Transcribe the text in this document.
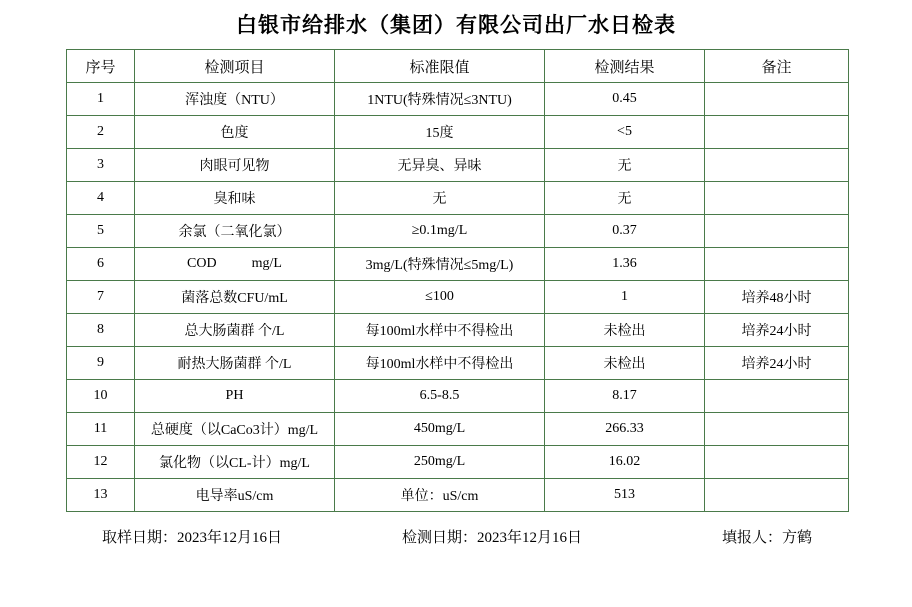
白银市给排水（集团）有限公司出厂水日检表
序号	检测项目	标准限值	检测结果	备注
1	浑浊度（NTU）	1NTU(特殊情况≤3NTU)	0.45	
2	色度	15度	<5	
3	肉眼可见物	无异臭、异味	无	
4	臭和味	无	无	
5	余氯（二氧化氯）	≥0.1mg/L	0.37	
6	COD          mg/L	3mg/L(特殊情况≤5mg/L)	1.36	
7	菌落总数CFU/mL	≤100	1	培养48小时
8	总大肠菌群 个/L	每100ml水样中不得检出	未检出	培养24小时
9	耐热大肠菌群 个/L	每100ml水样中不得检出	未检出	培养24小时
10	PH	6.5-8.5	8.17	
11	总硬度（以CaCo3计）mg/L	450mg/L	266.33	
12	氯化物（以CL-计）mg/L	250mg/L	16.02	
13	电导率uS/cm	单位：uS/cm	513	
取样日期：2023年12月16日	检测日期：2023年12月16日	填报人：方鹤
